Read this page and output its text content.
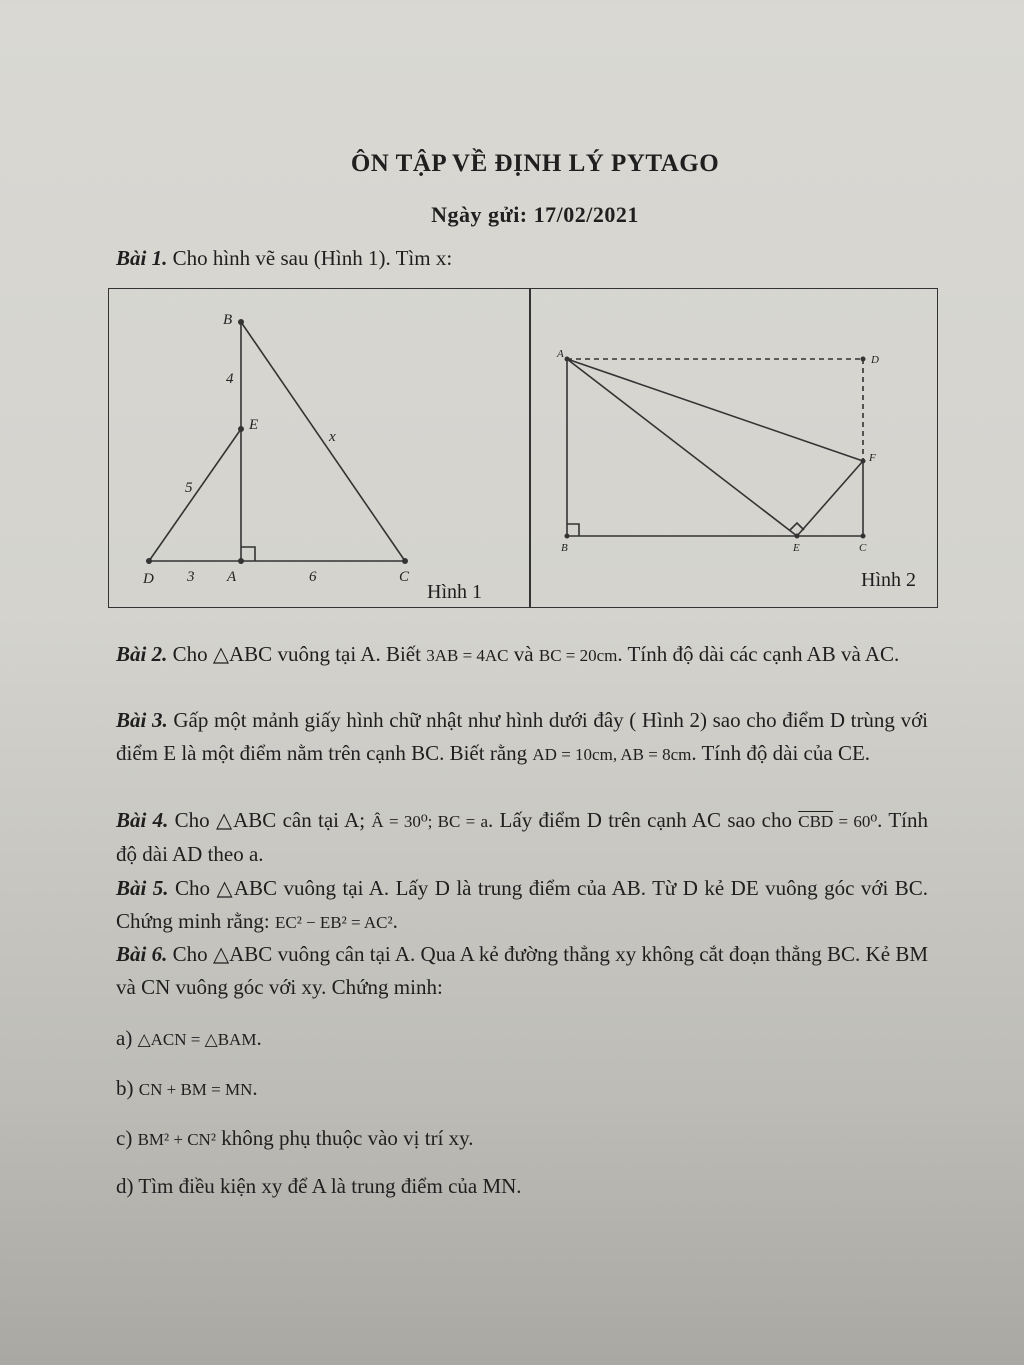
ÔN TẬP VỀ ĐỊNH LÝ PYTAGO
Ngày gửi: 17/02/2021
Bài 1. Cho hình vẽ sau (Hình 1). Tìm x:
B
E
D	A	C
4
5
3	6
x
Hình 1
A	D
F
B	E	C
Hình 2
Bài 2. Cho △ABC vuông tại A. Biết 3AB = 4AC và BC = 20cm. Tính độ dài các cạnh AB và AC.
Bài 3. Gấp một mảnh giấy hình chữ nhật như hình dưới đây ( Hình 2) sao cho điểm D trùng với điểm E là một điểm nằm trên cạnh BC. Biết rằng AD = 10cm, AB = 8cm. Tính độ dài của CE.
Bài 4. Cho △ABC cân tại A; Â = 30⁰; BC = a. Lấy điểm D trên cạnh AC sao cho $\overline{CBD} = 60^0$. Tính độ dài AD theo a.
Bài 5. Cho △ABC vuông tại A. Lấy D là trung điểm của AB. Từ D kẻ DE vuông góc với BC. Chứng minh rằng: EC² − EB² = AC².
Bài 6. Cho △ABC vuông cân tại A. Qua A kẻ đường thẳng xy không cắt đoạn thẳng BC. Kẻ BM và CN vuông góc với xy. Chứng minh:
a) △ACN = △BAM.
b) CN + BM = MN.
c) BM² + CN² không phụ thuộc vào vị trí xy.
d) Tìm điều kiện xy để A là trung điểm của MN.
